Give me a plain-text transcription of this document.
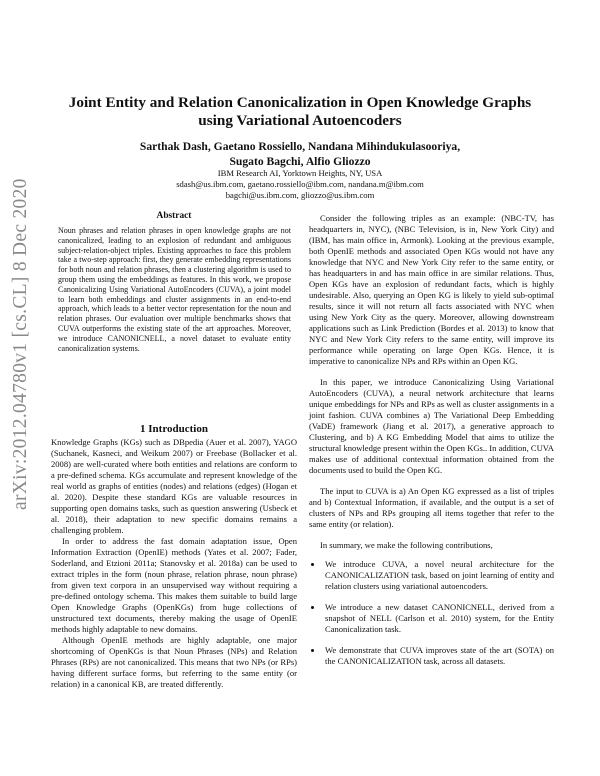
arXiv:2012.04780v1 [cs.CL] 8 Dec 2020
Joint Entity and Relation Canonicalization in Open Knowledge Graphs using Variational Autoencoders
Sarthak Dash, Gaetano Rossiello, Nandana Mihindukulasooriya,
Sugato Bagchi, Alfio Gliozzo
IBM Research AI, Yorktown Heights, NY, USA
sdash@us.ibm.com, gaetano.rossiello@ibm.com, nandana.m@ibm.com
bagchi@us.ibm.com, gliozzo@us.ibm.com
Abstract
Noun phrases and relation phrases in open knowledge graphs are not canonicalized, leading to an explosion of redundant and ambiguous subject-relation-object triples. Existing approaches to face this problem take a two-step approach: first, they generate embedding representations for both noun and relation phrases, then a clustering algorithm is used to group them using the embeddings as features. In this work, we propose Canonicalizing Using Variational AutoEncoders (CUVA), a joint model to learn both embeddings and cluster assignments in an end-to-end approach, which leads to a better vector representation for the noun and relation phrases. Our evaluation over multiple benchmarks shows that CUVA outperforms the existing state of the art approaches. Moreover, we introduce CANONICNELL, a novel dataset to evaluate entity canonicalization systems.
1 Introduction

Knowledge Graphs (KGs) such as DBpedia (Auer et al. 2007), YAGO (Suchanek, Kasneci, and Weikum 2007) or Freebase (Bollacker et al. 2008) are well-curated where both entities and relations are conform to a pre-defined schema. KGs accumulate and represent knowledge of the real world as graphs of entities (nodes) and relations (edges) (Hogan et al. 2020). Despite these standard KGs are valuable resources in supporting open domains tasks, such as question answering (Usbeck et al. 2018), their adaptation to new specific domains remains a challenging problem.

In order to address the fast domain adaptation issue, Open Information Extraction (OpenIE) methods (Yates et al. 2007; Fader, Soderland, and Etzioni 2011a; Stanovsky et al. 2018a) can be used to extract triples in the form (noun phrase, relation phrase, noun phrase) from given text corpora in an unsupervised way without requiring a pre-defined ontology schema. This makes them suitable to build large Open Knowledge Graphs (OpenKGs) from huge collections of unstructured text documents, thereby making the usage of OpenIE methods highly adaptable to new domains.

Although OpenIE methods are highly adaptable, one major shortcoming of OpenKGs is that Noun Phrases (NPs) and Relation Phrases (RPs) are not canonicalized. This means that two NPs (or RPs) having different surface forms, but referring to the same entity (or relation) in a canonical KB, are treated differently.

Consider the following triples as an example: (NBC-TV, has headquarters in, NYC), (NBC Television, is in, New York City) and (IBM, has main office in, Armonk). Looking at the previous example, both OpenIE methods and associated Open KGs would not have any knowledge that NYC and New York City refer to the same entity, or has headquarters in and has main office in are similar relations. Thus, Open KGs have an explosion of redundant facts, which is highly undesirable. Also, querying an Open KG is likely to yield sub-optimal results, since it will not return all facts associated with NYC when using New York City as the query. Moreover, allowing downstream applications such as Link Prediction (Bordes et al. 2013) to know that NYC and New York City refers to the same entity, will improve its performance while operating on large Open KGs. Hence, it is imperative to canonicalize NPs and RPs within an Open KG.

In this paper, we introduce Canonicalizing Using Variational AutoEncoders (CUVA), a neural network architecture that learns unique embeddings for NPs and RPs as well as cluster assignments in a joint fashion. CUVA combines a) The Variational Deep Embedding (VaDE) framework (Jiang et al. 2017), a generative approach to Clustering, and b) A KG Embedding Model that aims to utilize the structural knowledge present within the Open KGs.. In addition, CUVA makes use of additional contextual information obtained from the documents used to build the Open KG.

The input to CUVA is a) An Open KG expressed as a list of triples and b) Contextual Information, if available, and the output is a set of clusters of NPs and RPs grouping all items together that refer to the same entity (or relation).

In summary, we make the following contributions,

• We introduce CUVA, a novel neural architecture for the CANONICALIZATION task, based on joint learning of entity and relation clusters using variational autoencoders.
• We introduce a new dataset CANONICNELL, derived from a snapshot of NELL (Carlson et al. 2010) system, for the Entity Canonicalization task.
• We demonstrate that CUVA improves state of the art (SOTA) on the CANONICALIZATION task, across all datasets.
